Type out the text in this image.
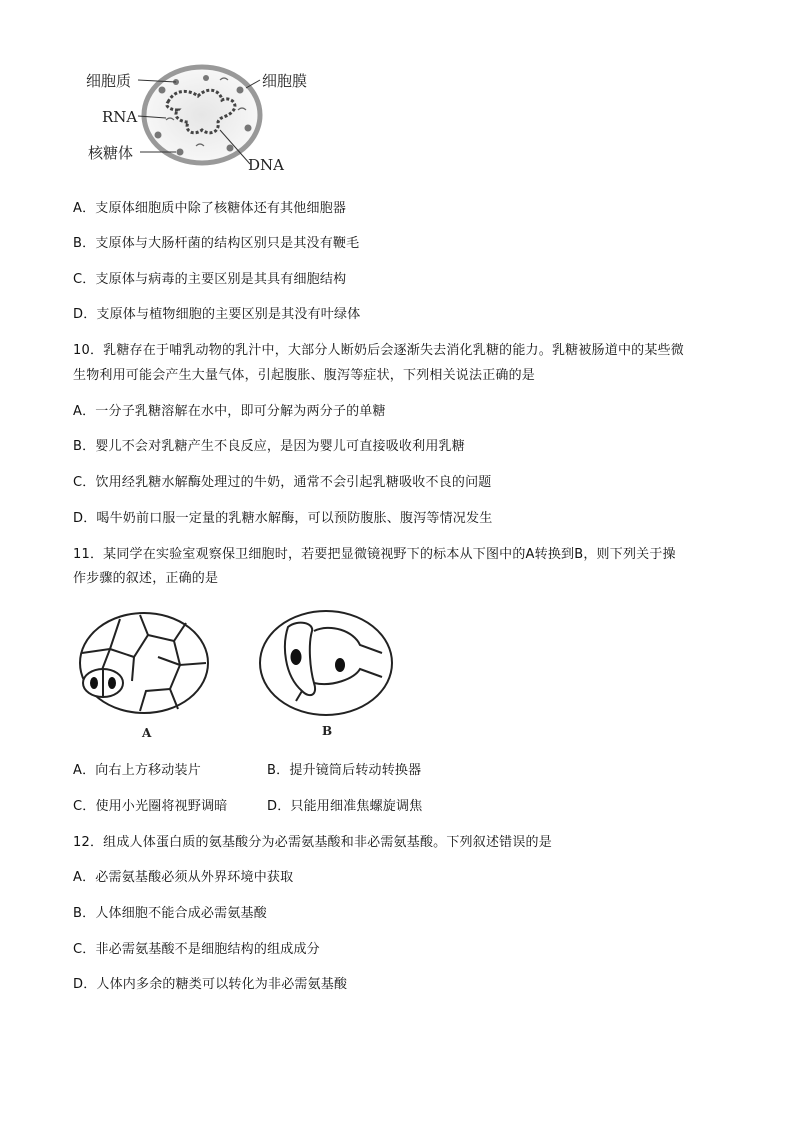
细胞质	细胞膜
RNA
核糖体
DNA
A．支原体细胞质中除了核糖体还有其他细胞器
B．支原体与大肠杆菌的结构区别只是其没有鞭毛
C．支原体与病毒的主要区别是其具有细胞结构
D．支原体与植物细胞的主要区别是其没有叶绿体
10．乳糖存在于哺乳动物的乳汁中，大部分人断奶后会逐渐失去消化乳糖的能力。乳糖被肠道中的某些微
生物利用可能会产生大量气体，引起腹胀、腹泻等症状，下列相关说法正确的是
A．一分子乳糖溶解在水中，即可分解为两分子的单糖
B．婴儿不会对乳糖产生不良反应，是因为婴儿可直接吸收利用乳糖
C．饮用经乳糖水解酶处理过的牛奶，通常不会引起乳糖吸收不良的问题
D．喝牛奶前口服一定量的乳糖水解酶，可以预防腹胀、腹泻等情况发生
11．某同学在实验室观察保卫细胞时，若要把显微镜视野下的标本从下图中的A转换到B，则下列关于操
作步骤的叙述，正确的是
A	B
A．向右上方移动装片	B．提升镜筒后转动转换器
C．使用小光圈将视野调暗	D．只能用细准焦螺旋调焦
12．组成人体蛋白质的氨基酸分为必需氨基酸和非必需氨基酸。下列叙述错误的是
A．必需氨基酸必须从外界环境中获取
B．人体细胞不能合成必需氨基酸
C．非必需氨基酸不是细胞结构的组成成分
D．人体内多余的糖类可以转化为非必需氨基酸
